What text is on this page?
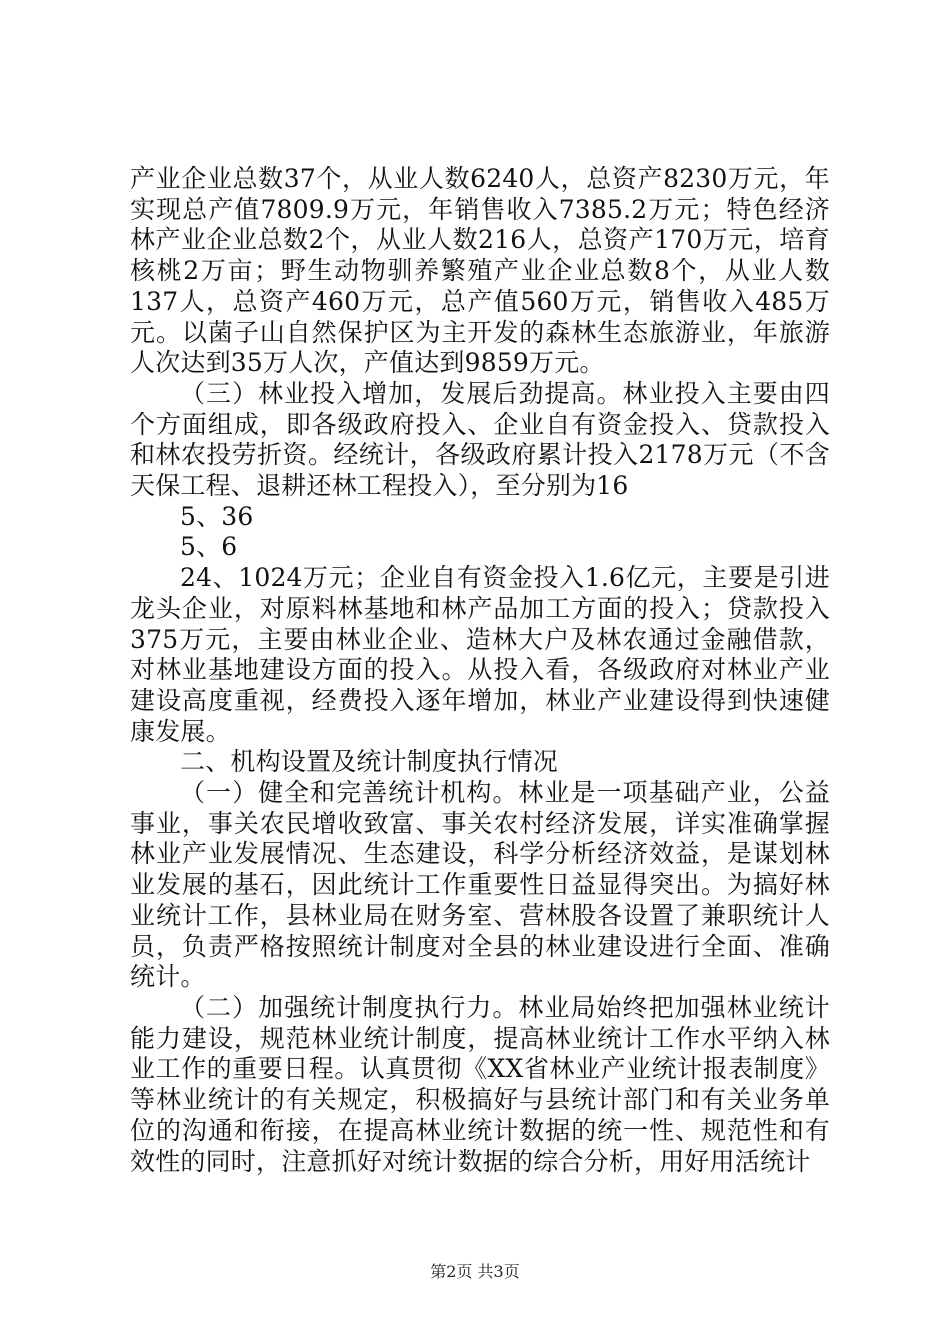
产业企业总数37个，从业人数6240人，总资产8230万元，年实现总产值7809.9万元，年销售收入7385.2万元；特色经济林产业企业总数2个，从业人数216人，总资产170万元，培育核桃2万亩；野生动物驯养繁殖产业企业总数8个，从业人数137人，总资产460万元，总产值560万元，销售收入485万元。以菌子山自然保护区为主开发的森林生态旅游业，年旅游人次达到35万人次，产值达到9859万元。

（三）林业投入增加，发展后劲提高。林业投入主要由四个方面组成，即各级政府投入、企业自有资金投入、贷款投入和林农投劳折资。经统计，各级政府累计投入2178万元（不含天保工程、退耕还林工程投入），至分别为16

5、36

5、6

24、1024万元；企业自有资金投入1.6亿元，主要是引进龙头企业，对原料林基地和林产品加工方面的投入；贷款投入375万元，主要由林业企业、造林大户及林农通过金融借款，对林业基地建设方面的投入。从投入看，各级政府对林业产业建设高度重视，经费投入逐年增加，林业产业建设得到快速健康发展。

二、机构设置及统计制度执行情况

（一）健全和完善统计机构。林业是一项基础产业，公益事业，事关农民增收致富、事关农村经济发展，详实准确掌握林业产业发展情况、生态建设，科学分析经济效益，是谋划林业发展的基石，因此统计工作重要性日益显得突出。为搞好林业统计工作，县林业局在财务室、营林股各设置了兼职统计人员，负责严格按照统计制度对全县的林业建设进行全面、准确统计。

（二）加强统计制度执行力。林业局始终把加强林业统计能力建设，规范林业统计制度，提高林业统计工作水平纳入林业工作的重要日程。认真贯彻《XX省林业产业统计报表制度》等林业统计的有关规定，积极搞好与县统计部门和有关业务单位的沟通和衔接，在提高林业统计数据的统一性、规范性和有效性的同时，注意抓好对统计数据的综合分析，用好用活统计

第2页 共3页
